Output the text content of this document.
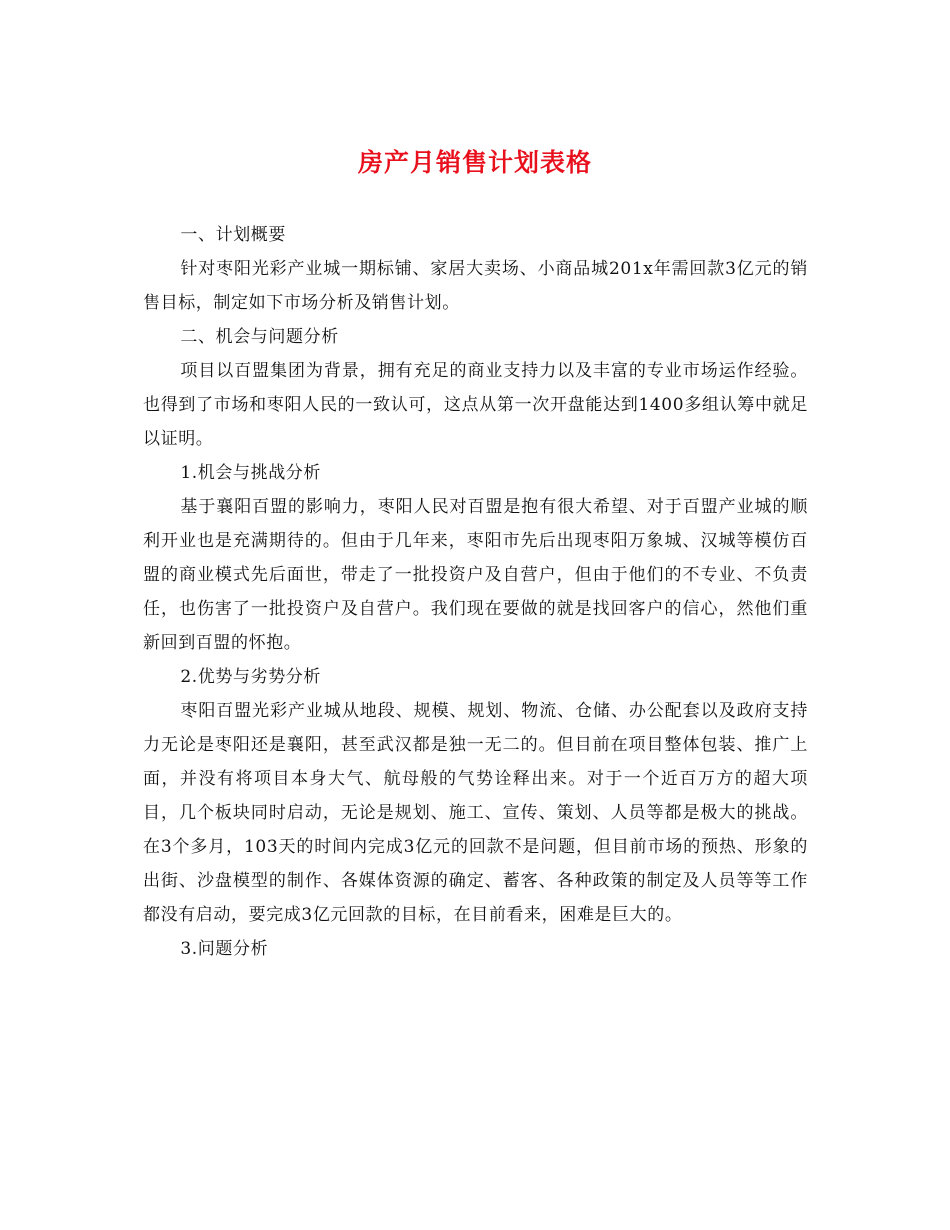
房产月销售计划表格

一、计划概要

针对枣阳光彩产业城一期标铺、家居大卖场、小商品城201x年需回款3亿元的销售目标，制定如下市场分析及销售计划。

二、机会与问题分析

项目以百盟集团为背景，拥有充足的商业支持力以及丰富的专业市场运作经验。也得到了市场和枣阳人民的一致认可，这点从第一次开盘能达到1400多组认筹中就足以证明。

1.机会与挑战分析

基于襄阳百盟的影响力，枣阳人民对百盟是抱有很大希望、对于百盟产业城的顺利开业也是充满期待的。但由于几年来，枣阳市先后出现枣阳万象城、汉城等模仿百盟的商业模式先后面世，带走了一批投资户及自营户，但由于他们的不专业、不负责任，也伤害了一批投资户及自营户。我们现在要做的就是找回客户的信心，然他们重新回到百盟的怀抱。

2.优势与劣势分析

枣阳百盟光彩产业城从地段、规模、规划、物流、仓储、办公配套以及政府支持力无论是枣阳还是襄阳，甚至武汉都是独一无二的。但目前在项目整体包装、推广上面，并没有将项目本身大气、航母般的气势诠释出来。对于一个近百万方的超大项目，几个板块同时启动，无论是规划、施工、宣传、策划、人员等都是极大的挑战。在3个多月，103天的时间内完成3亿元的回款不是问题，但目前市场的预热、形象的出街、沙盘模型的制作、各媒体资源的确定、蓄客、各种政策的制定及人员等等工作都没有启动，要完成3亿元回款的目标，在目前看来，困难是巨大的。

3.问题分析
